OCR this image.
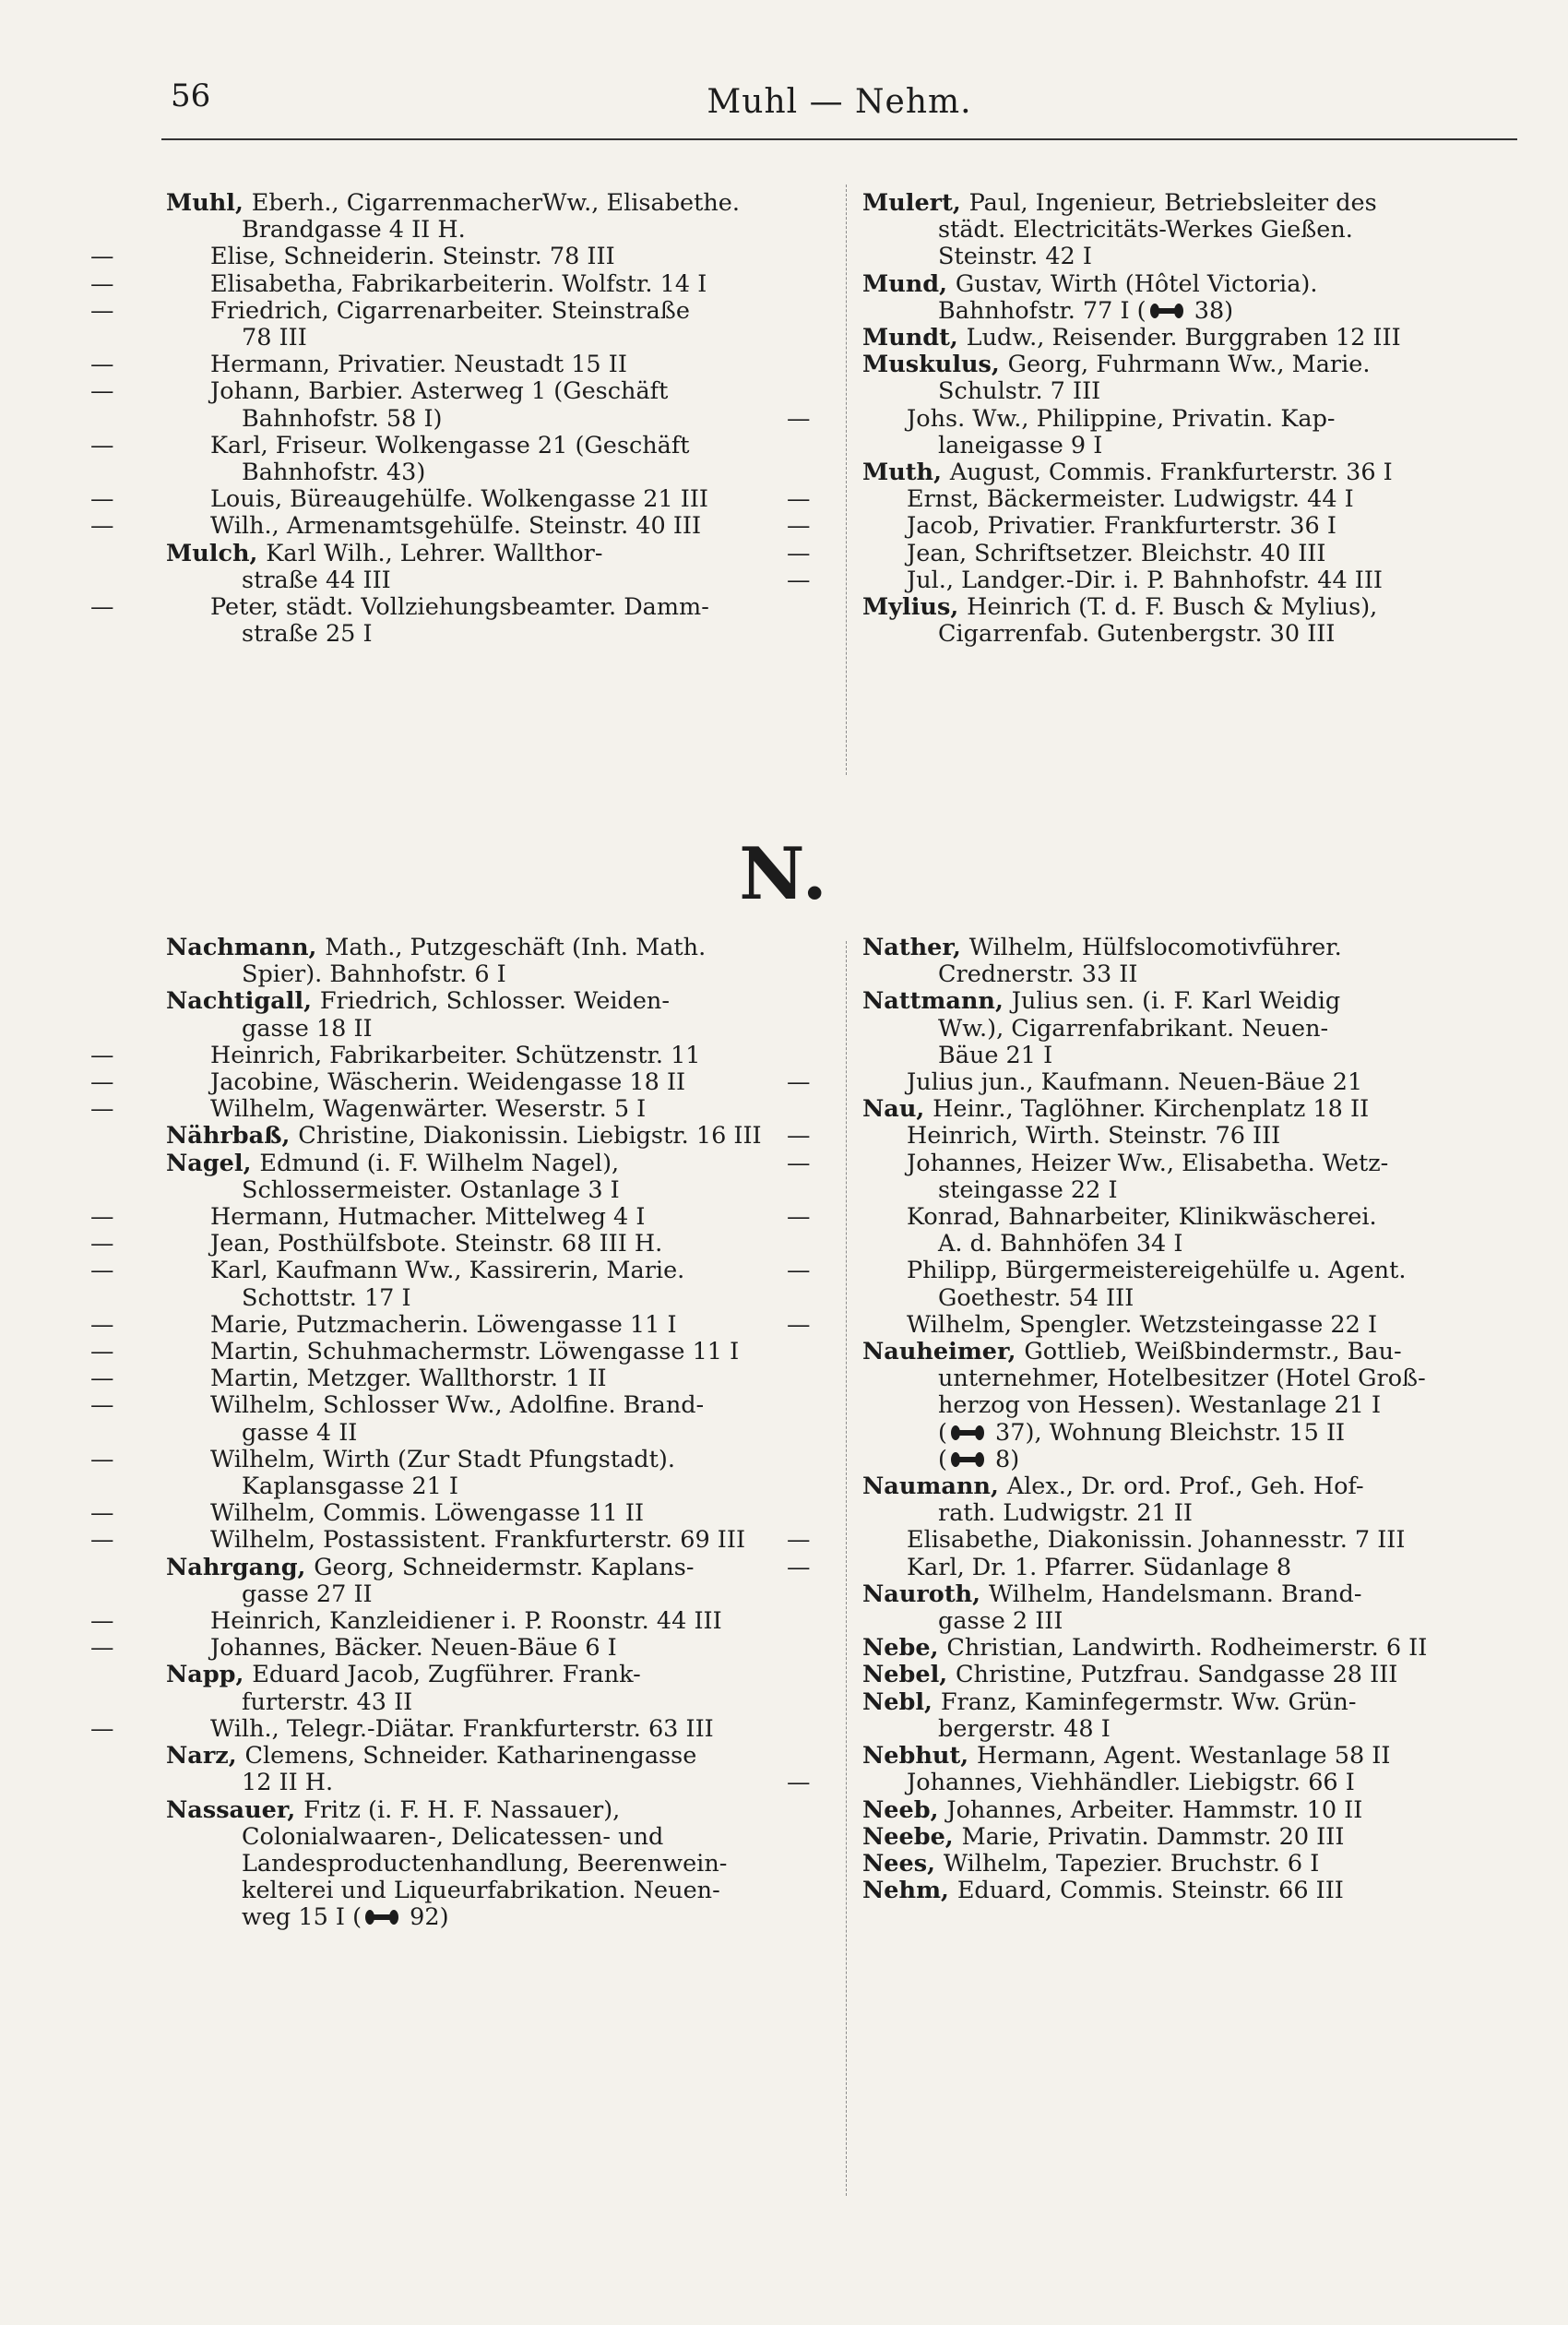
56	Muhl — Nehm.
Muhl, Eberh., CigarrenmacherWw., Elisabethe.
Brandgasse 4 II H.
—	Elise, Schneiderin. Steinstr. 78 III
—	Elisabetha, Fabrikarbeiterin. Wolfstr. 14 I
—	Friedrich, Cigarrenarbeiter. Steinstraße
78 III
—	Hermann, Privatier. Neustadt 15 II
—	Johann, Barbier. Asterweg 1 (Geschäft
Bahnhofstr. 58 I)
—	Karl, Friseur. Wolkengasse 21 (Geschäft
Bahnhofstr. 43)
—	Louis, Büreaugehülfe. Wolkengasse 21 III
—	Wilh., Armenamtsgehülfe. Steinstr. 40 III
Mulch, Karl Wilh., Lehrer. Wallthor-
straße 44 III
—	Peter, städt. Vollziehungsbeamter. Damm-
straße 25 I
Mulert, Paul, Ingenieur, Betriebsleiter des
städt. Electricitäts-Werkes Gießen.
Steinstr. 42 I
Mund, Gustav, Wirth (Hôtel Victoria).
Bahnhofstr. 77 I ( 38)
Mundt, Ludw., Reisender. Burggraben 12 III
Muskulus, Georg, Fuhrmann Ww., Marie.
Schulstr. 7 III
—	Johs. Ww., Philippine, Privatin. Kap-
laneigasse 9 I
Muth, August, Commis. Frankfurterstr. 36 I
—	Ernst, Bäckermeister. Ludwigstr. 44 I
—	Jacob, Privatier. Frankfurterstr. 36 I
—	Jean, Schriftsetzer. Bleichstr. 40 III
—	Jul., Landger.-Dir. i. P. Bahnhofstr. 44 III
Mylius, Heinrich (T. d. F. Busch & Mylius),
Cigarrenfab. Gutenbergstr. 30 III
N.
Nachmann, Math., Putzgeschäft (Inh. Math.
Spier). Bahnhofstr. 6 I
Nachtigall, Friedrich, Schlosser. Weiden-
gasse 18 II
—	Heinrich, Fabrikarbeiter. Schützenstr. 11
—	Jacobine, Wäscherin. Weidengasse 18 II
—	Wilhelm, Wagenwärter. Weserstr. 5 I
Nährbaß, Christine, Diakonissin. Liebigstr. 16 III
Nagel, Edmund (i. F. Wilhelm Nagel),
Schlossermeister. Ostanlage 3 I
—	Hermann, Hutmacher. Mittelweg 4 I
—	Jean, Posthülfsbote. Steinstr. 68 III H.
—	Karl, Kaufmann Ww., Kassirerin, Marie.
Schottstr. 17 I
—	Marie, Putzmacherin. Löwengasse 11 I
—	Martin, Schuhmachermstr. Löwengasse 11 I
—	Martin, Metzger. Wallthorstr. 1 II
—	Wilhelm, Schlosser Ww., Adolfine. Brand-
gasse 4 II
—	Wilhelm, Wirth (Zur Stadt Pfungstadt).
Kaplansgasse 21 I
—	Wilhelm, Commis. Löwengasse 11 II
—	Wilhelm, Postassistent. Frankfurterstr. 69 III
Nahrgang, Georg, Schneidermstr. Kaplans-
gasse 27 II
—	Heinrich, Kanzleidiener i. P. Roonstr. 44 III
—	Johannes, Bäcker. Neuen-Bäue 6 I
Napp, Eduard Jacob, Zugführer. Frank-
furterstr. 43 II
—	Wilh., Telegr.-Diätar. Frankfurterstr. 63 III
Narz, Clemens, Schneider. Katharinengasse
12 II H.
Nassauer, Fritz (i. F. H. F. Nassauer),
Colonialwaaren-, Delicatessen- und
Landesproductenhandlung, Beerenwein-
kelterei und Liqueurfabrikation. Neuen-
weg 15 I ( 92)
Nather, Wilhelm, Hülfslocomotivführer.
Crednerstr. 33 II
Nattmann, Julius sen. (i. F. Karl Weidig
Ww.), Cigarrenfabrikant. Neuen-
Bäue 21 I
—	Julius jun., Kaufmann. Neuen-Bäue 21
Nau, Heinr., Taglöhner. Kirchenplatz 18 II
—	Heinrich, Wirth. Steinstr. 76 III
—	Johannes, Heizer Ww., Elisabetha. Wetz-
steingasse 22 I
—	Konrad, Bahnarbeiter, Klinikwäscherei.
A. d. Bahnhöfen 34 I
—	Philipp, Bürgermeistereigehülfe u. Agent.
Goethestr. 54 III
—	Wilhelm, Spengler. Wetzsteingasse 22 I
Nauheimer, Gottlieb, Weißbindermstr., Bau-
unternehmer, Hotelbesitzer (Hotel Groß-
herzog von Hessen). Westanlage 21 I
( 37), Wohnung Bleichstr. 15 II
( 8)
Naumann, Alex., Dr. ord. Prof., Geh. Hof-
rath. Ludwigstr. 21 II
—	Elisabethe, Diakonissin. Johannesstr. 7 III
—	Karl, Dr. 1. Pfarrer. Südanlage 8
Nauroth, Wilhelm, Handelsmann. Brand-
gasse 2 III
Nebe, Christian, Landwirth. Rodheimerstr. 6 II
Nebel, Christine, Putzfrau. Sandgasse 28 III
Nebl, Franz, Kaminfegermstr. Ww. Grün-
bergerstr. 48 I
Nebhut, Hermann, Agent. Westanlage 58 II
—	Johannes, Viehhändler. Liebigstr. 66 I
Neeb, Johannes, Arbeiter. Hammstr. 10 II
Neebe, Marie, Privatin. Dammstr. 20 III
Nees, Wilhelm, Tapezier. Bruchstr. 6 I
Nehm, Eduard, Commis. Steinstr. 66 III
